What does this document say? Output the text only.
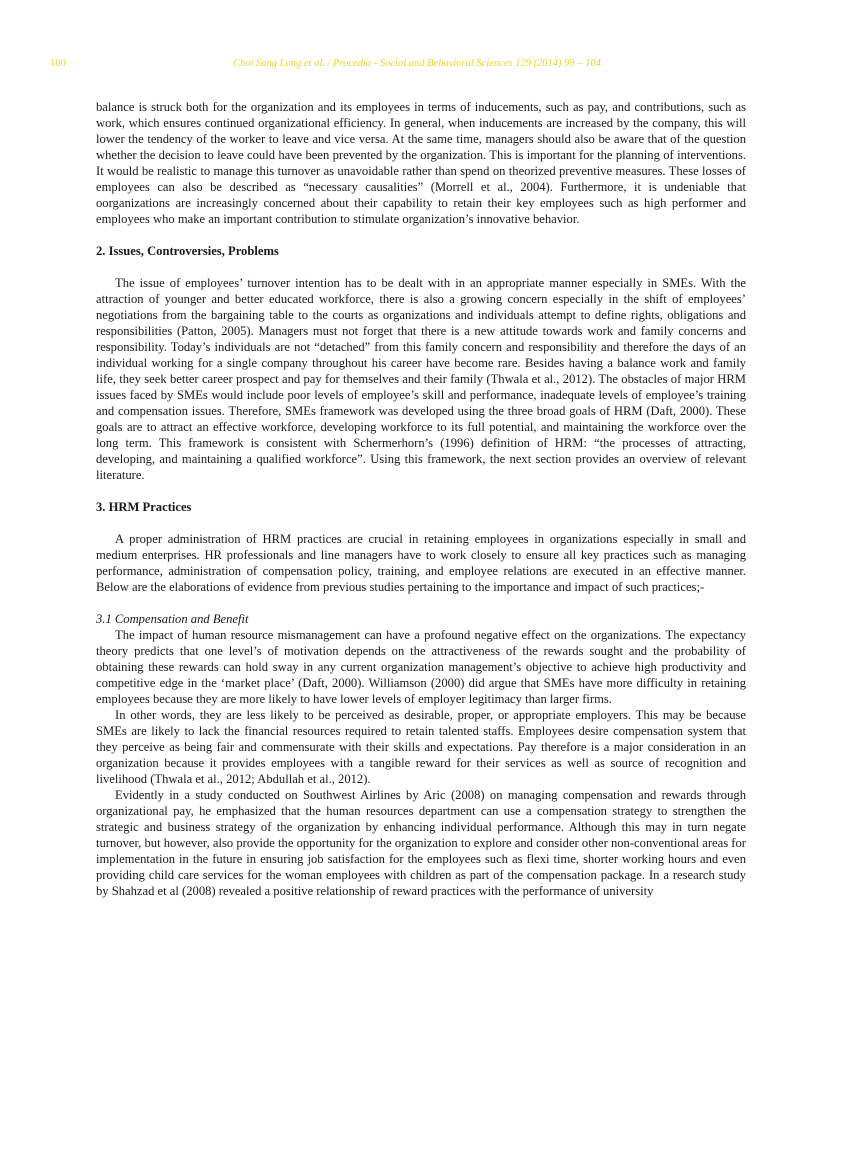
100	Choi Sang Long et al. / Procedia - Social and Behavioral Sciences 129 (2014) 99 – 104

balance is struck both for the organization and its employees in terms of inducements, such as pay, and contributions, such as work, which ensures continued organizational efficiency. In general, when inducements are increased by the company, this will lower the tendency of the worker to leave and vice versa. At the same time, managers should also be aware that of the question whether the decision to leave could have been prevented by the organization. This is important for the planning of interventions. It would be realistic to manage this turnover as unavoidable rather than spend on theorized preventive measures. These losses of employees can also be described as “necessary causalities” (Morrell et al., 2004). Furthermore, it is undeniable that oorganizations are increasingly concerned about their capability to retain their key employees such as high performer and employees who make an important contribution to stimulate organization’s innovative behavior.

2. Issues, Controversies, Problems

The issue of employees’ turnover intention has to be dealt with in an appropriate manner especially in SMEs. With the attraction of younger and better educated workforce, there is also a growing concern especially in the shift of employees’ negotiations from the bargaining table to the courts as organizations and individuals attempt to define rights, obligations and responsibilities (Patton, 2005). Managers must not forget that there is a new attitude towards work and family concerns and responsibility. Today’s individuals are not “detached” from this family concern and responsibility and therefore the days of an individual working for a single company throughout his career have become rare. Besides having a balance work and family life, they seek better career prospect and pay for themselves and their family (Thwala et al., 2012). The obstacles of major HRM issues faced by SMEs would include poor levels of employee’s skill and performance, inadequate levels of employee’s training and compensation issues. Therefore, SMEs framework was developed using the three broad goals of HRM (Daft, 2000). These goals are to attract an effective workforce, developing workforce to its full potential, and maintaining the workforce over the long term. This framework is consistent with Schermerhorn’s (1996) definition of HRM: “the processes of attracting, developing, and maintaining a qualified workforce”. Using this framework, the next section provides an overview of relevant literature.

3. HRM Practices

A proper administration of HRM practices are crucial in retaining employees in organizations especially in small and medium enterprises. HR professionals and line managers have to work closely to ensure all key practices such as managing performance, administration of compensation policy, training, and employee relations are executed in an effective manner. Below are the elaborations of evidence from previous studies pertaining to the importance and impact of such practices;-

3.1 Compensation and Benefit

The impact of human resource mismanagement can have a profound negative effect on the organizations. The expectancy theory predicts that one level’s of motivation depends on the attractiveness of the rewards sought and the probability of obtaining these rewards can hold sway in any current organization management’s objective to achieve high productivity and competitive edge in the ‘market place’ (Daft, 2000). Williamson (2000) did argue that SMEs have more difficulty in retaining employees because they are more likely to have lower levels of employer legitimacy than larger firms.

In other words, they are less likely to be perceived as desirable, proper, or appropriate employers. This may be because SMEs are likely to lack the financial resources required to retain talented staffs. Employees desire compensation system that they perceive as being fair and commensurate with their skills and expectations. Pay therefore is a major consideration in an organization because it provides employees with a tangible reward for their services as well as source of recognition and livelihood (Thwala et al., 2012; Abdullah et al., 2012).

Evidently in a study conducted on Southwest Airlines by Aric (2008) on managing compensation and rewards through organizational pay, he emphasized that the human resources department can use a compensation strategy to strengthen the strategic and business strategy of the organization by enhancing individual performance. Although this may in turn negate turnover, but however, also provide the opportunity for the organization to explore and consider other non-conventional areas for implementation in the future in ensuring job satisfaction for the employees such as flexi time, shorter working hours and even providing child care services for the woman employees with children as part of the compensation package. In a research study by Shahzad et al (2008) revealed a positive relationship of reward practices with the performance of university
